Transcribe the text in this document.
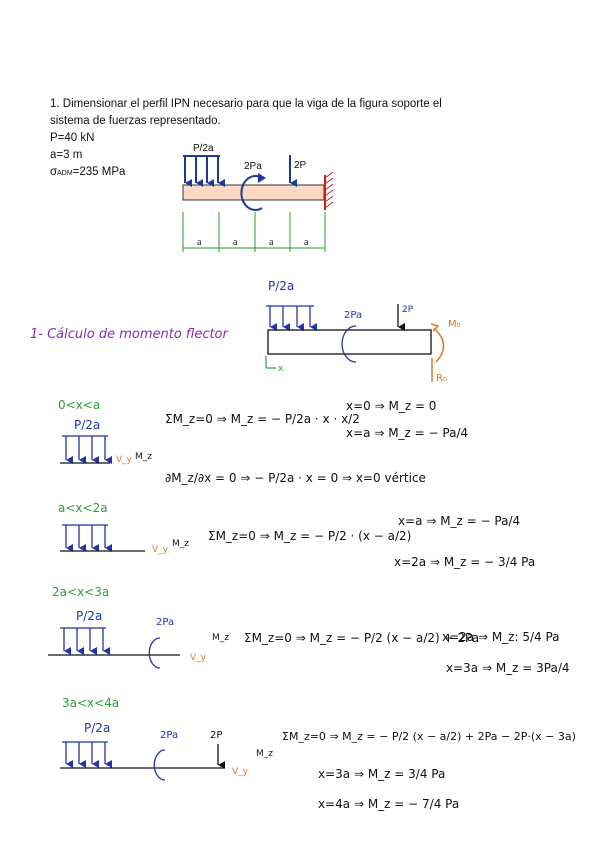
1. Dimensionar el perfil IPN necesario para que la viga de la figura soporte el sistema de fuerzas representado.

P=40 kN

a=3 m

σADM=235 MPa

P/2a
2Pa	2P
a	a	a	a
P/2a
2Pa	2P
M₀
R₀
x
1- Cálculo de momento flector
0<x<a
P/2a
V_y M_z
ΣM_z=0 ⇒ M_z = − P/2a · x · x/2
x=0 ⇒ M_z = 0
x=a ⇒ M_z = − Pa/4
∂M_z/∂x = 0 ⇒ − P/2a · x = 0 ⇒ x=0 vértice
a<x<2a
V_y
M_z
ΣM_z=0 ⇒ M_z = − P/2 · (x − a/2)
x=a ⇒ M_z = − Pa/4
x=2a ⇒ M_z = − 3/4 Pa
2a<x<3a
P/2a	2Pa
V_y
M_z ΣM_z=0 ⇒ M_z = − P/2 (x − a/2) + 2Pa
x=2a ⇒ M_z: 5/4 Pa
x=3a ⇒ M_z = 3Pa/4
3a<x<4a
P/2a
2Pa	2P
V_y
M_z
ΣM_z=0 ⇒ M_z = − P/2 (x − a/2) + 2Pa − 2P·(x − 3a)
x=3a ⇒ M_z = 3/4 Pa
x=4a ⇒ M_z = − 7/4 Pa
